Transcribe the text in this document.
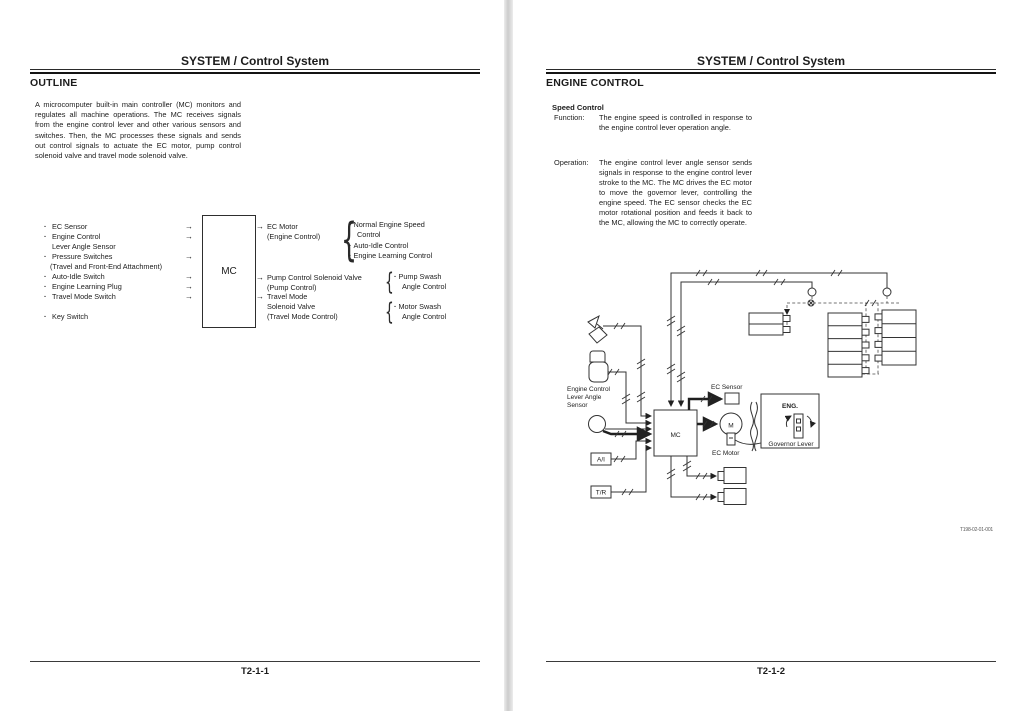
SYSTEM / Control System
OUTLINE
A microcomputer built-in main controller (MC) monitors and regulates all machine operations. The MC receives signals from the engine control lever and other various sensors and switches. Then, the MC processes these signals and sends out control signals to actuate the EC motor, pump control solenoid valve and travel mode solenoid valve.
·EC Sensor
·Engine Control
Lever Angle Sensor
·Pressure Switches
(Travel and Front-End Attachment)
·Auto-Idle Switch
·Engine Learning Plug
·Travel Mode Switch
·Key Switch
→
→
→
→
→
→
MC
→
→
→
EC Motor
(Engine Control)
Pump Control Solenoid Valve
(Pump Control)
Travel Mode
Solenoid Valve
(Travel Mode Control)
{
· Normal Engine Speed Control
· Auto-Idle Control
· Engine Learning Control
{
· Pump Swash Angle Control
{
· Motor Swash Angle Control
T2-1-1
SYSTEM / Control System
ENGINE CONTROL
Speed Control
Function: The engine speed is controlled in response to the engine control lever operation angle.
Operation: The engine control lever angle sensor sends signals in response to the engine control lever stroke to the MC. The MC drives the EC motor to move the governor lever, controlling the engine speed. The EC sensor checks the EC motor rotational position and feeds it back to the MC, allowing the MC to correctly operate.
MC
A/I
T/R
M
ENG.
Governor Lever
Engine Control
Lever Angle
Sensor
EC Sensor
EC Motor
T198-02-01-001
T2-1-2
